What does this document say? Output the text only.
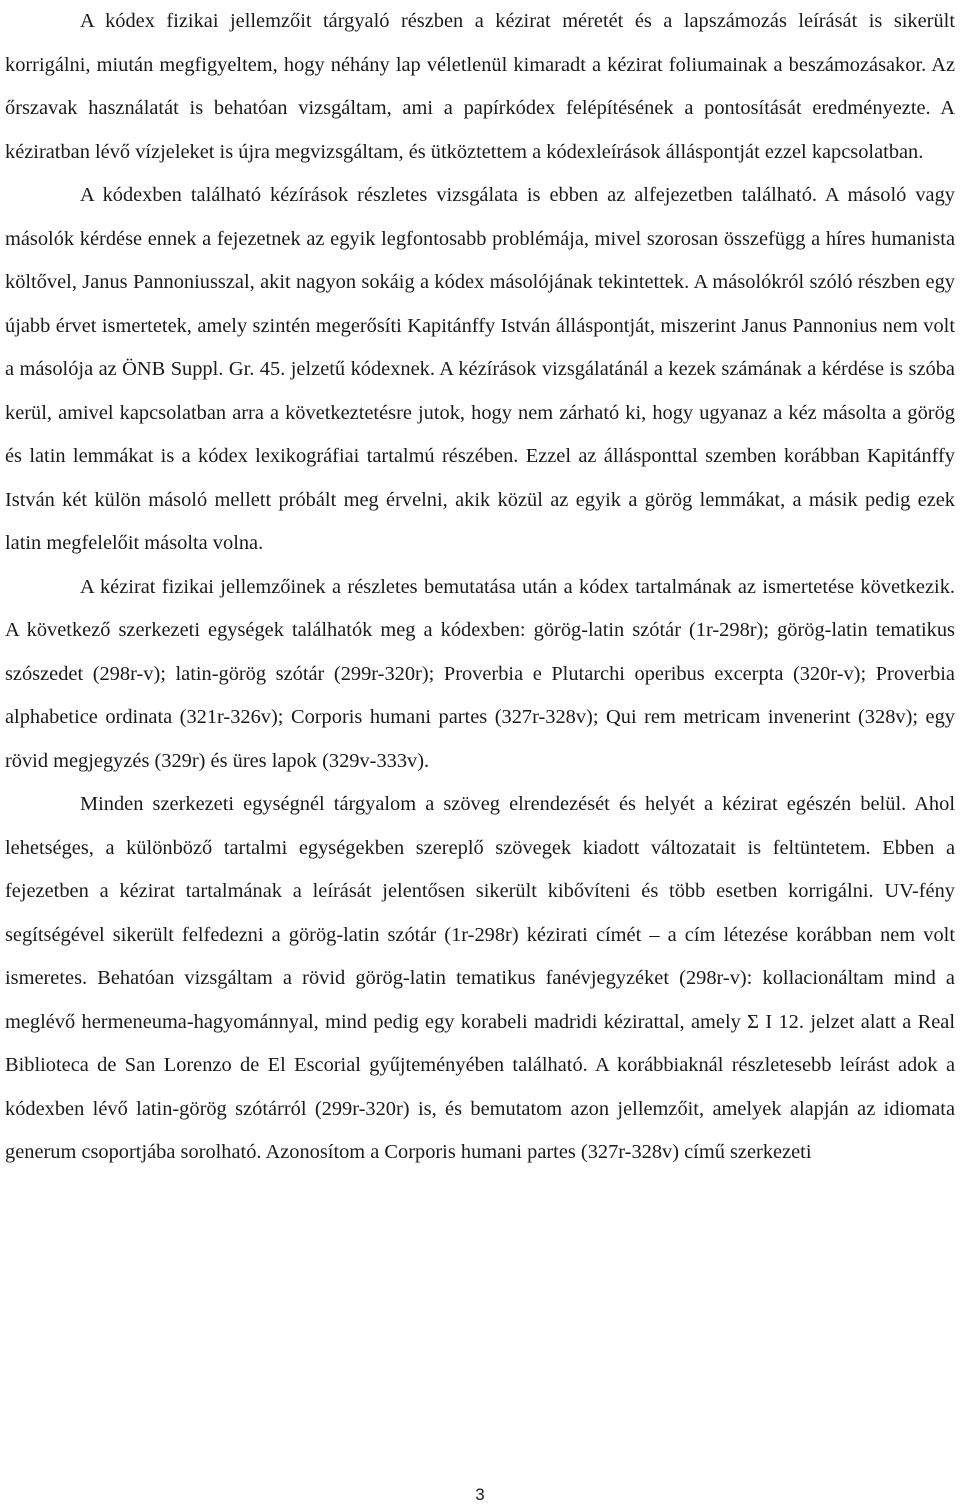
A kódex fizikai jellemzőit tárgyaló részben a kézirat méretét és a lapszámozás leírását is sikerült korrigálni, miután megfigyeltem, hogy néhány lap véletlenül kimaradt a kézirat foliumainak a beszámozásakor. Az őrszavak használatát is behatóan vizsgáltam, ami a papírkódex felépítésének a pontosítását eredményezte. A kéziratban lévő vízjeleket is újra megvizsgáltam, és ütköztettem a kódexleírások álláspontját ezzel kapcsolatban.

A kódexben található kézírások részletes vizsgálata is ebben az alfejezetben található. A másoló vagy másolók kérdése ennek a fejezetnek az egyik legfontosabb problémája, mivel szorosan összefügg a híres humanista költővel, Janus Pannoniusszal, akit nagyon sokáig a kódex másolójának tekintettek. A másolókról szóló részben egy újabb érvet ismertetek, amely szintén megerősíti Kapitánffy István álláspontját, miszerint Janus Pannonius nem volt a másolója az ÖNB Suppl. Gr. 45. jelzetű kódexnek. A kézírások vizsgálatánál a kezek számának a kérdése is szóba kerül, amivel kapcsolatban arra a következtetésre jutok, hogy nem zárható ki, hogy ugyanaz a kéz másolta a görög és latin lemmákat is a kódex lexikográfiai tartalmú részében. Ezzel az állásponttal szemben korábban Kapitánffy István két külön másoló mellett próbált meg érvelni, akik közül az egyik a görög lemmákat, a másik pedig ezek latin megfelelőit másolta volna.

A kézirat fizikai jellemzőinek a részletes bemutatása után a kódex tartalmának az ismertetése következik. A következő szerkezeti egységek találhatók meg a kódexben: görög-latin szótár (1r-298r); görög-latin tematikus szószedet (298r-v); latin-görög szótár (299r-320r); Proverbia e Plutarchi operibus excerpta (320r-v); Proverbia alphabetice ordinata (321r-326v); Corporis humani partes (327r-328v); Qui rem metricam invenerint (328v); egy rövid megjegyzés (329r) és üres lapok (329v-333v).

Minden szerkezeti egységnél tárgyalom a szöveg elrendezését és helyét a kézirat egészén belül. Ahol lehetséges, a különböző tartalmi egységekben szereplő szövegek kiadott változatait is feltüntetem. Ebben a fejezetben a kézirat tartalmának a leírását jelentősen sikerült kibővíteni és több esetben korrigálni. UV-fény segítségével sikerült felfedezni a görög-latin szótár (1r-298r) kézirati címét – a cím létezése korábban nem volt ismeretes. Behatóan vizsgáltam a rövid görög-latin tematikus fanévjegyzéket (298r-v): kollacionáltam mind a meglévő hermeneuma-hagyománnyal, mind pedig egy korabeli madridi kézirattal, amely Σ I 12. jelzet alatt a Real Biblioteca de San Lorenzo de El Escorial gyűjteményében található. A korábbiaknál részletesebb leírást adok a kódexben lévő latin-görög szótárról (299r-320r) is, és bemutatom azon jellemzőit, amelyek alapján az idiomata generum csoportjába sorolható. Azonosítom a Corporis humani partes (327r-328v) című szerkezeti

3
